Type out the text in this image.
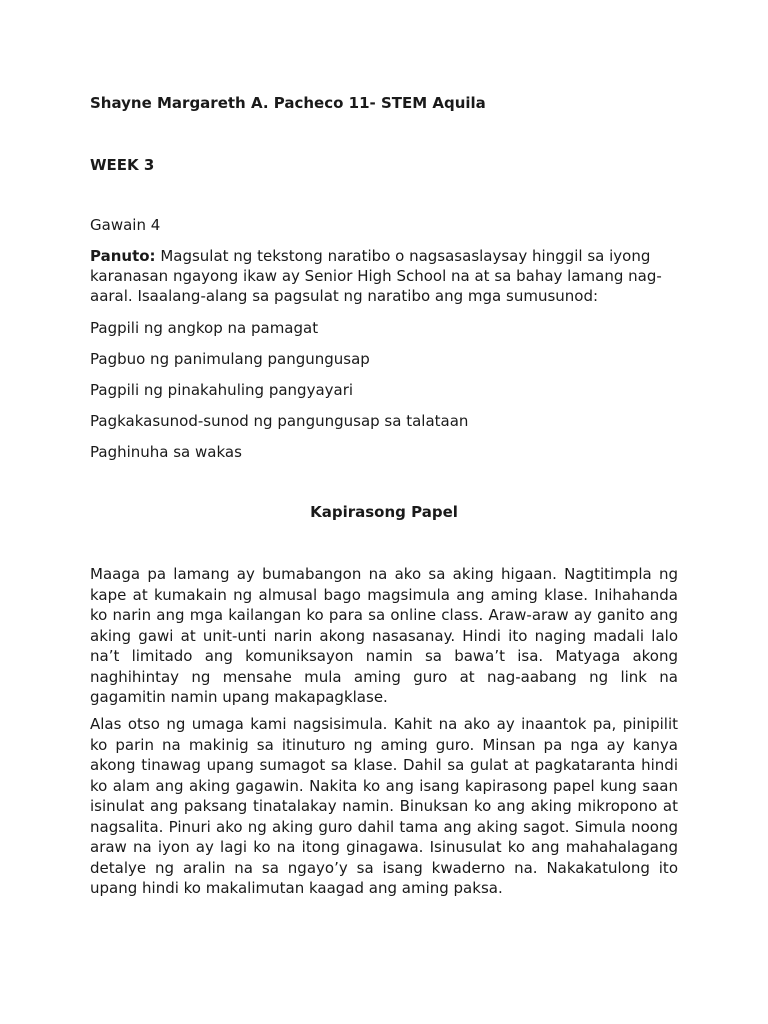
Shayne Margareth A. Pacheco 11- STEM Aquila
WEEK 3
Gawain 4

Panuto: Magsulat ng tekstong naratibo o nagsasaslaysay hinggil sa iyong karanasan ngayong ikaw ay Senior High School na at sa bahay lamang nag-aaral. Isaalang-alang sa pagsulat ng naratibo ang mga sumusunod:

Pagpili ng angkop na pamagat
Pagbuo ng panimulang pangungusap
Pagpili ng pinakahuling pangyayari
Pagkakasunod-sunod ng pangungusap sa talataan
Paghinuha sa wakas
Kapirasong Papel

Maaga pa lamang ay bumabangon na ako sa aking higaan. Nagtitimpla ng kape at kumakain ng almusal bago magsimula ang aming klase. Inihahanda ko narin ang mga kailangan ko para sa online class. Araw-araw ay ganito ang aking gawi at unit-unti narin akong nasasanay. Hindi ito naging madali lalo na’t limitado ang komuniksayon namin sa bawa’t isa. Matyaga akong naghihintay ng mensahe mula aming guro at nag-aabang ng link na gagamitin namin upang makapagklase.

Alas otso ng umaga kami nagsisimula. Kahit na ako ay inaantok pa, pinipilit ko parin na makinig sa itinuturo ng aming guro. Minsan pa nga ay kanya akong tinawag upang sumagot sa klase. Dahil sa gulat at pagkataranta hindi ko alam ang aking gagawin. Nakita ko ang isang kapirasong papel kung saan isinulat ang paksang tinatalakay namin. Binuksan ko ang aking mikropono at nagsalita. Pinuri ako ng aking guro dahil tama ang aking sagot. Simula noong araw na iyon ay lagi ko na itong ginagawa. Isinusulat ko ang mahahalagang detalye ng aralin na sa ngayo’y sa isang kwaderno na. Nakakatulong ito upang hindi ko makalimutan kaagad ang aming paksa.
